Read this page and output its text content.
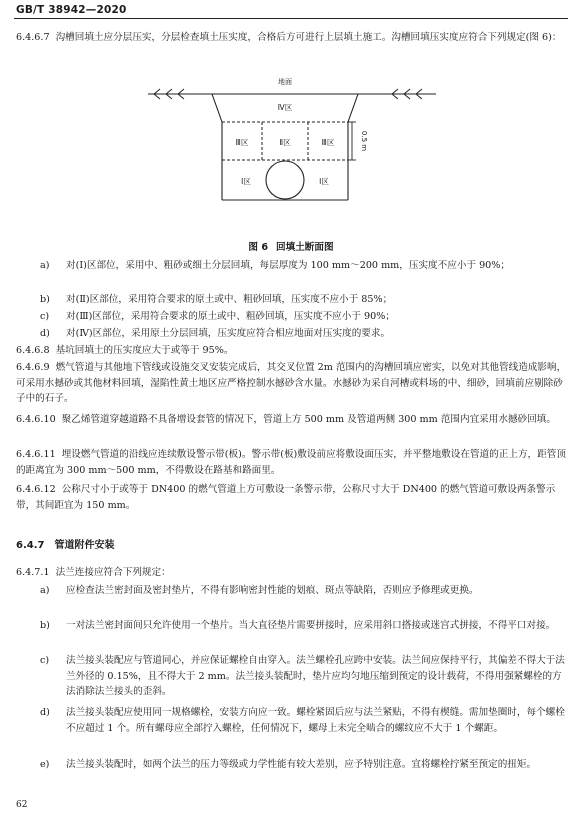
GB/T 38942—2020
6.4.6.7 沟槽回填土应分层压实，分层检查填土压实度，合格后方可进行上层填土施工。沟槽回填压实度应符合下列规定(图 6)：
地面
Ⅳ区
Ⅲ区	Ⅱ区	Ⅲ区
Ⅰ区	Ⅰ区
0.5 m
图 6 回填土断面图
a) 对(Ⅰ)区部位，采用中、粗砂或细土分层回填，每层厚度为 100 mm～200 mm，压实度不应小于 90%；
b) 对(Ⅱ)区部位，采用符合要求的原土或中、粗砂回填，压实度不应小于 85%；
c) 对(Ⅲ)区部位，采用符合要求的原土或中、粗砂回填，压实度不应小于 90%；
d) 对(Ⅳ)区部位，采用原土分层回填，压实度应符合相应地面对压实度的要求。
6.4.6.8 基坑回填土的压实度应大于或等于 95%。
6.4.6.9 燃气管道与其他地下管线或设施交叉安装完成后，其交叉位置 2m 范围内的沟槽回填应密实，以免对其他管线造成影响，可采用水撼砂或其他材料回填，湿陷性黄土地区应严格控制水撼砂含水量。水撼砂为采自河槽或料场的中、细砂，回填前应剔除砂子中的石子。
6.4.6.10 聚乙烯管道穿越道路不具备增设套管的情况下，管道上方 500 mm 及管道两侧 300 mm 范围内宜采用水撼砂回填。
6.4.6.11 埋设燃气管道的沿线应连续敷设警示带(板)。警示带(板)敷设前应将敷设面压实，并平整地敷设在管道的正上方，距管顶的距离宜为 300 mm～500 mm，不得敷设在路基和路面里。
6.4.6.12 公称尺寸小于或等于 DN400 的燃气管道上方可敷设一条警示带，公称尺寸大于 DN400 的燃气管道可敷设两条警示带，其间距宜为 150 mm。
6.4.7 管道附件安装
6.4.7.1 法兰连接应符合下列规定：
a) 应检查法兰密封面及密封垫片，不得有影响密封性能的划痕、斑点等缺陷，否则应予修理或更换。
b) 一对法兰密封面间只允许使用一个垫片。当大直径垫片需要拼接时，应采用斜口搭接或迷宫式拼接，不得平口对接。
c) 法兰接头装配应与管道同心，并应保证螺栓自由穿入。法兰螺栓孔应跨中安装。法兰间应保持平行，其偏差不得大于法兰外径的 0.15%，且不得大于 2 mm。法兰接头装配时，垫片应均匀地压缩到预定的设计载荷，不得用强紧螺栓的方法消除法兰接头的歪斜。
d) 法兰接头装配应使用同一规格螺栓，安装方向应一致。螺栓紧固后应与法兰紧贴，不得有楔缝。需加垫圈时，每个螺栓不应超过 1 个。所有螺母应全部拧入螺栓，任何情况下，螺母上未完全啮合的螺纹应不大于 1 个螺距。
e) 法兰接头装配时，如两个法兰的压力等级或力学性能有较大差别，应予特别注意。宜将螺栓拧紧至预定的扭矩。
62
